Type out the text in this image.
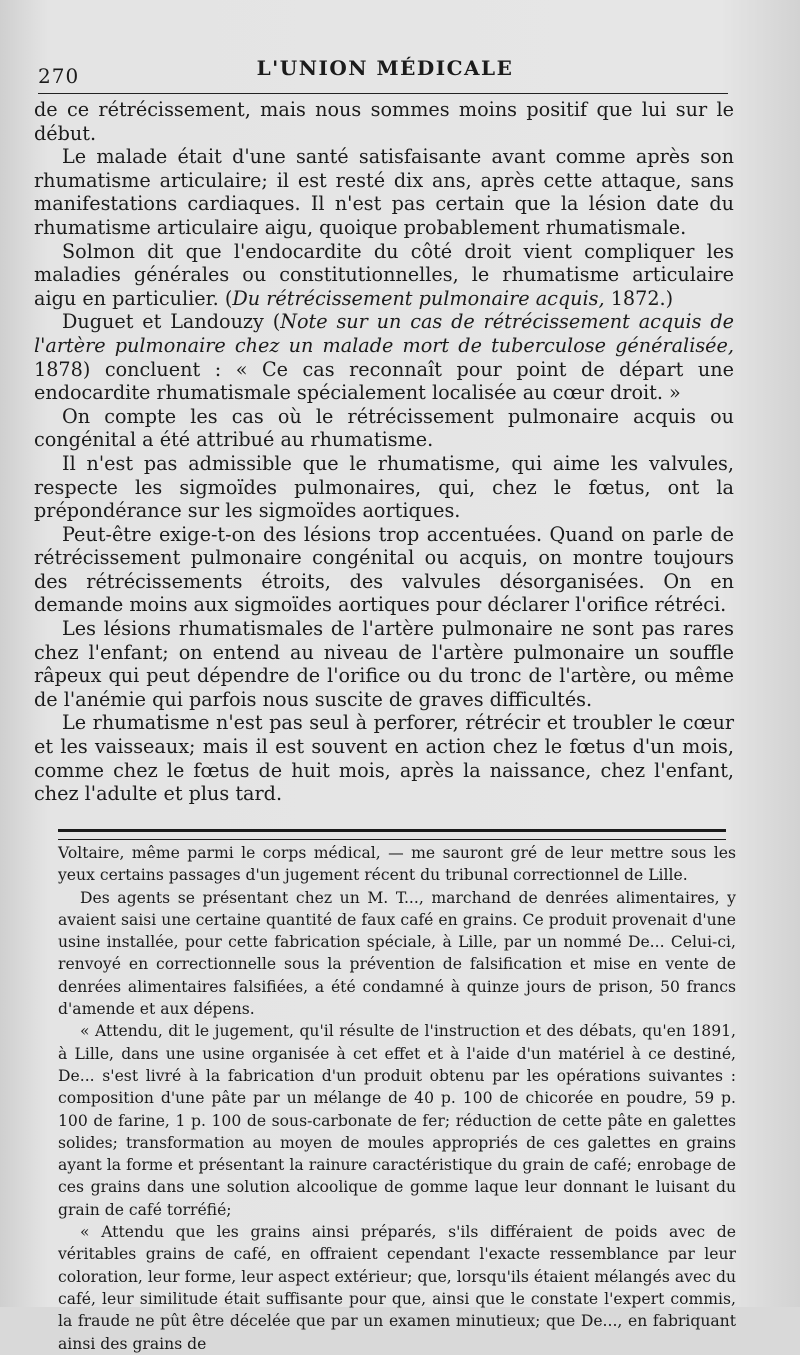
270	L'UNION MÉDICALE

de ce rétrécissement, mais nous sommes moins positif que lui sur le début.

Le malade était d'une santé satisfaisante avant comme après son rhumatisme articulaire; il est resté dix ans, après cette attaque, sans manifestations cardiaques. Il n'est pas certain que la lésion date du rhumatisme articulaire aigu, quoique probablement rhumatismale.

Solmon dit que l'endocardite du côté droit vient compliquer les maladies générales ou constitutionnelles, le rhumatisme articulaire aigu en particulier. (Du rétrécissement pulmonaire acquis, 1872.)

Duguet et Landouzy (Note sur un cas de rétrécissement acquis de l'artère pulmonaire chez un malade mort de tuberculose généralisée, 1878) concluent : « Ce cas reconnaît pour point de départ une endocardite rhumatismale spécialement localisée au cœur droit. »

On compte les cas où le rétrécissement pulmonaire acquis ou congénital a été attribué au rhumatisme.

Il n'est pas admissible que le rhumatisme, qui aime les valvules, respecte les sigmoïdes pulmonaires, qui, chez le fœtus, ont la prépondérance sur les sigmoïdes aortiques.

Peut-être exige-t-on des lésions trop accentuées. Quand on parle de rétrécissement pulmonaire congénital ou acquis, on montre toujours des rétrécissements étroits, des valvules désorganisées. On en demande moins aux sigmoïdes aortiques pour déclarer l'orifice rétréci.

Les lésions rhumatismales de l'artère pulmonaire ne sont pas rares chez l'enfant; on entend au niveau de l'artère pulmonaire un souffle râpeux qui peut dépendre de l'orifice ou du tronc de l'artère, ou même de l'anémie qui parfois nous suscite de graves difficultés.

Le rhumatisme n'est pas seul à perforer, rétrécir et troubler le cœur et les vaisseaux; mais il est souvent en action chez le fœtus d'un mois, comme chez le fœtus de huit mois, après la naissance, chez l'enfant, chez l'adulte et plus tard.

Voltaire, même parmi le corps médical, — me sauront gré de leur mettre sous les yeux certains passages d'un jugement récent du tribunal correctionnel de Lille.

Des agents se présentant chez un M. T..., marchand de denrées alimentaires, y avaient saisi une certaine quantité de faux café en grains. Ce produit provenait d'une usine installée, pour cette fabrication spéciale, à Lille, par un nommé De... Celui-ci, renvoyé en correctionnelle sous la prévention de falsification et mise en vente de denrées alimentaires falsifiées, a été condamné à quinze jours de prison, 50 francs d'amende et aux dépens.

« Attendu, dit le jugement, qu'il résulte de l'instruction et des débats, qu'en 1891, à Lille, dans une usine organisée à cet effet et à l'aide d'un matériel à ce destiné, De... s'est livré à la fabrication d'un produit obtenu par les opérations suivantes : composition d'une pâte par un mélange de 40 p. 100 de chicorée en poudre, 59 p. 100 de farine, 1 p. 100 de sous-carbonate de fer; réduction de cette pâte en galettes solides; transformation au moyen de moules appropriés de ces galettes en grains ayant la forme et présentant la rainure caractéristique du grain de café; enrobage de ces grains dans une solution alcoolique de gomme laque leur donnant le luisant du grain de café torréfié;

« Attendu que les grains ainsi préparés, s'ils différaient de poids avec de véritables grains de café, en offraient cependant l'exacte ressemblance par leur coloration, leur forme, leur aspect extérieur; que, lorsqu'ils étaient mélangés avec du café, leur similitude était suffisante pour que, ainsi que le constate l'expert commis, la fraude ne pût être décelée que par un examen minutieux; que De..., en fabriquant ainsi des grains de
